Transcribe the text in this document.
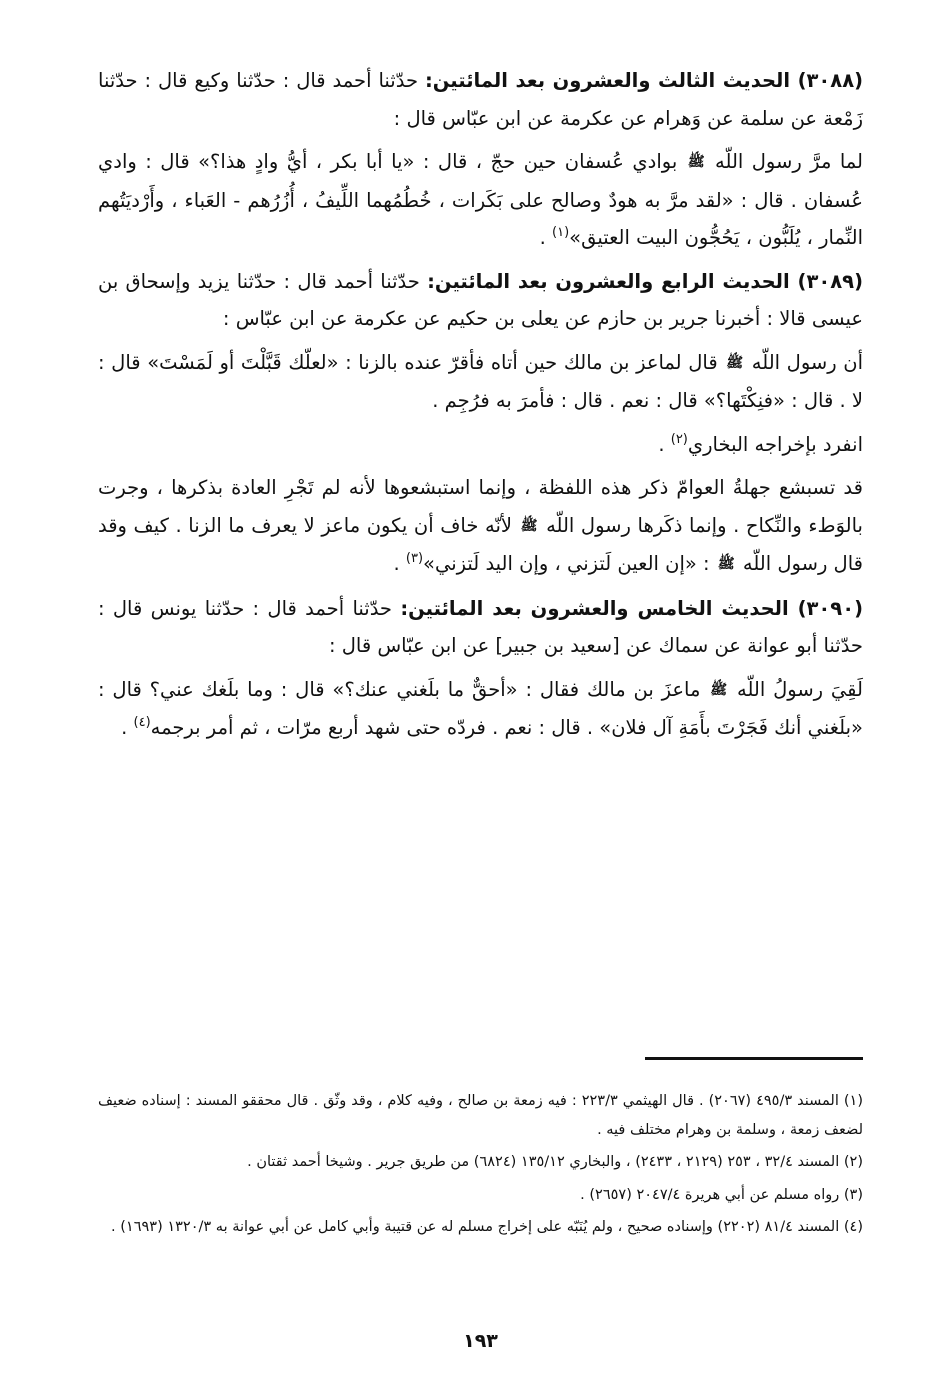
(٣٠٨٨) الحديث الثالث والعشرون بعد المائتين: حدّثنا أحمد قال : حدّثنا وكيع قال : حدّثنا زَمْعة عن سلمة عن وَهرام عن عكرمة عن ابن عبّاس قال :

لما مرَّ رسول اللّه ﷺ بوادي عُسفان حين حجّ ، قال : «يا أبا بكر ، أيُّ وادٍ هذا؟» قال : وادي عُسفان . قال : «لقد مرَّ به هودٌ وصالح على بَكَرات ، خُطُمُهما اللِّيفُ ، أُزُرُهم - العَباء ، وأَرْديَتُهم النِّمار ، يُلَبُّون ، يَحُجُّون البيت العتيق»$^{(١)}$ .

(٣٠٨٩) الحديث الرابع والعشرون بعد المائتين: حدّثنا أحمد قال : حدّثنا يزيد وإسحاق بن عيسى قالا : أخبرنا جرير بن حازم عن يعلى بن حكيم عن عكرمة عن ابن عبّاس :

أن رسول اللّه ﷺ قال لماعز بن مالك حين أتاه فأقرّ عنده بالزنا : «لعلّك قَبَّلْتَ أو لَمَسْتَ» قال : لا . قال : «فنِكْتَها؟» قال : نعم . قال : فأمرَ به فرُجِم .

انفرد بإخراجه البخاري$^{(٢)}$ .

قد تسبشع جهلةُ العوامّ ذكر هذه اللفظة ، وإنما استبشعوها لأنه لم تَجْرِ العادة بذكرها ، وجرت بالوَطء والنِّكاح . وإنما ذكَرها رسول اللّه ﷺ لأنّه خاف أن يكون ماعز لا يعرف ما الزنا . كيف وقد قال رسول اللّه ﷺ : «إن العين لَتزني ، وإن اليد لَتزني»$^{(٣)}$ .

(٣٠٩٠) الحديث الخامس والعشرون بعد المائتين: حدّثنا أحمد قال : حدّثنا يونس قال : حدّثنا أبو عوانة عن سماك عن [سعيد بن جبير] عن ابن عبّاس قال :

لَقِيَ رسولُ اللّه ﷺ ماعزَ بن مالك فقال : «أحقٌّ ما بلَغني عنك؟» قال : وما بلَغك عني؟ قال : «بلَغني أنك فَجَرْتَ بأَمَةِ آل فلان» . قال : نعم . فردّه حتى شهد أربع مرّات ، ثم أمر برجمه$^{(٤)}$ .

(١) المسند ٤٩٥/٣ (٢٠٦٧) . قال الهيثمي ٢٢٣/٣ : فيه زمعة بن صالح ، وفيه كلام ، وقد وثّق . قال محققو المسند : إسناده ضعيف لضعف زمعة ، وسلمة بن وهرام مختلف فيه .

(٢) المسند ٣٢/٤ ، ٢٥٣ (٢١٢٩ ، ٢٤٣٣) ، والبخاري ١٣٥/١٢ (٦٨٢٤) من طريق جرير . وشيخا أحمد ثقتان .

(٣) رواه مسلم عن أبي هريرة ٢٠٤٧/٤ (٢٦٥٧) .

(٤) المسند ٨١/٤ (٢٢٠٢) وإسناده صحيح ، ولم يُنَبّه على إخراج مسلم له عن قتيبة وأبي كامل عن أبي عوانة به ١٣٢٠/٣ (١٦٩٣) .

١٩٣
